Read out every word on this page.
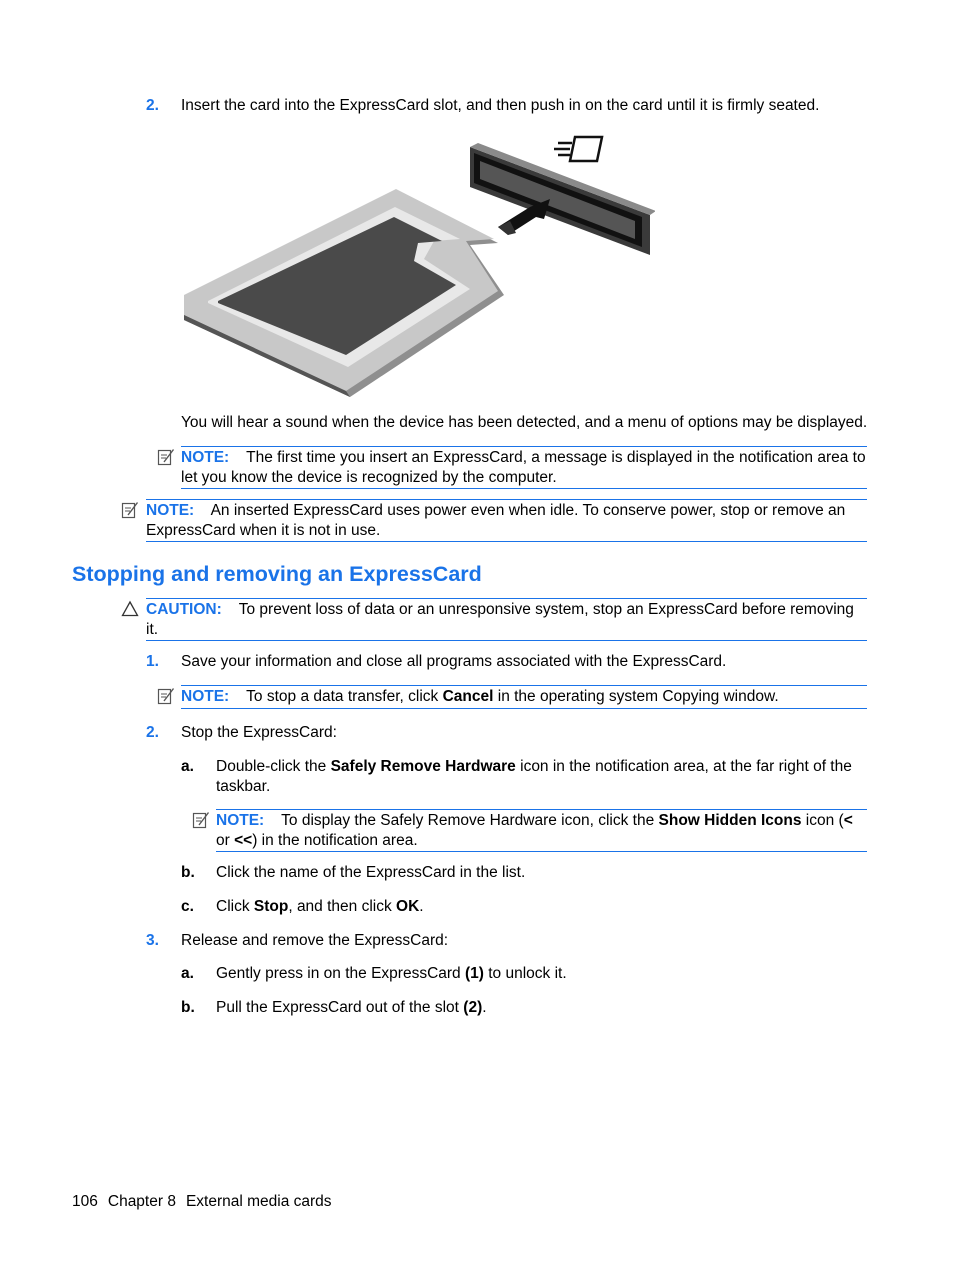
2. Insert the card into the ExpressCard slot, and then push in on the card until it is firmly seated.
You will hear a sound when the device has been detected, and a menu of options may be displayed.
NOTE: The first time you insert an ExpressCard, a message is displayed in the notification area to let you know the device is recognized by the computer.
NOTE: An inserted ExpressCard uses power even when idle. To conserve power, stop or remove an ExpressCard when it is not in use.
Stopping and removing an ExpressCard
CAUTION: To prevent loss of data or an unresponsive system, stop an ExpressCard before removing it.
1. Save your information and close all programs associated with the ExpressCard.
NOTE: To stop a data transfer, click Cancel in the operating system Copying window.
2. Stop the ExpressCard:
a. Double-click the Safely Remove Hardware icon in the notification area, at the far right of the taskbar.
NOTE: To display the Safely Remove Hardware icon, click the Show Hidden Icons icon (< or <<) in the notification area.
b. Click the name of the ExpressCard in the list.
c. Click Stop, and then click OK.
3. Release and remove the ExpressCard:
a. Gently press in on the ExpressCard (1) to unlock it.
b. Pull the ExpressCard out of the slot (2).
106 Chapter 8 External media cards
